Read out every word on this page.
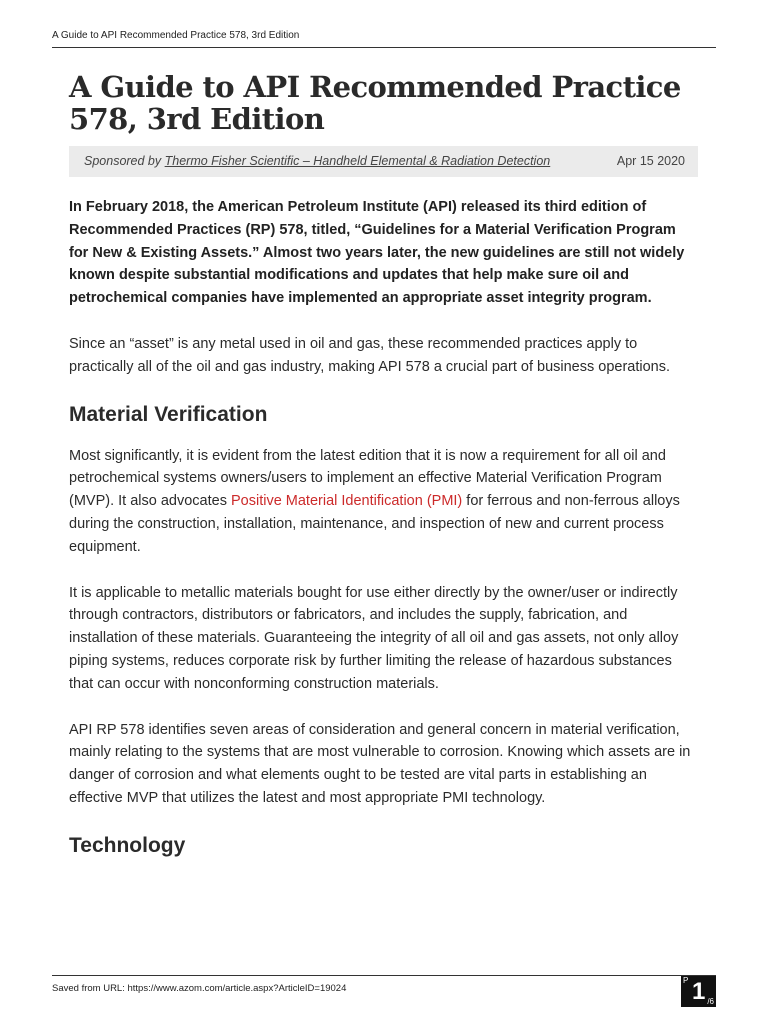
A Guide to API Recommended Practice 578, 3rd Edition
A Guide to API Recommended Practice 578, 3rd Edition
Sponsored by Thermo Fisher Scientific – Handheld Elemental & Radiation Detection	Apr 15 2020

In February 2018, the American Petroleum Institute (API) released its third edition of Recommended Practices (RP) 578, titled, “Guidelines for a Material Verification Program for New & Existing Assets.” Almost two years later, the new guidelines are still not widely known despite substantial modifications and updates that help make sure oil and petrochemical companies have implemented an appropriate asset integrity program.

Since an “asset” is any metal used in oil and gas, these recommended practices apply to practically all of the oil and gas industry, making API 578 a crucial part of business operations.

Material Verification

Most significantly, it is evident from the latest edition that it is now a requirement for all oil and petrochemical systems owners/users to implement an effective Material Verification Program (MVP). It also advocates Positive Material Identification (PMI) for ferrous and non-ferrous alloys during the construction, installation, maintenance, and inspection of new and current process equipment.

It is applicable to metallic materials bought for use either directly by the owner/user or indirectly through contractors, distributors or fabricators, and includes the supply, fabrication, and installation of these materials. Guaranteeing the integrity of all oil and gas assets, not only alloy piping systems, reduces corporate risk by further limiting the release of hazardous substances that can occur with nonconforming construction materials.

API RP 578 identifies seven areas of consideration and general concern in material verification, mainly relating to the systems that are most vulnerable to corrosion. Knowing which assets are in danger of corrosion and what elements ought to be tested are vital parts in establishing an effective MVP that utilizes the latest and most appropriate PMI technology.

Technology
Saved from URL: https://www.azom.com/article.aspx?ArticleID=19024
P 1 /6
